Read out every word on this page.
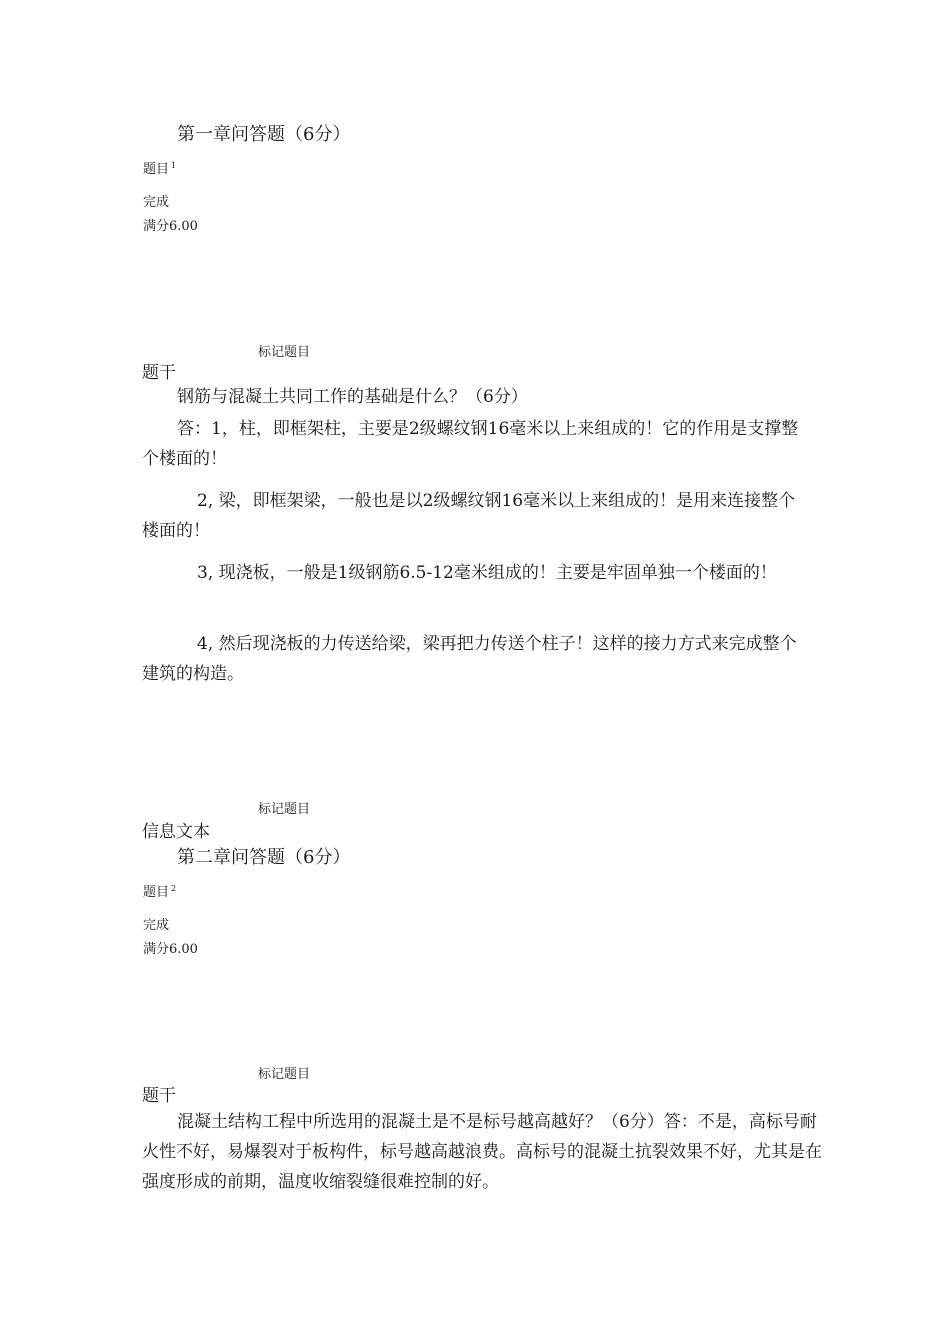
第一章问答题（6分）
题目 $^1$
完成
满分6.00
标记题目
题干
钢筋与混凝土共同工作的基础是什么？（6分）
答：1，柱，即框架柱，主要是2级螺纹钢16毫米以上来组成的！它的作用是支撑整个楼面的！
2, 梁，即框架梁，一般也是以2级螺纹钢16毫米以上来组成的！是用来连接整个楼面的！
3, 现浇板，一般是1级钢筋6.5-12毫米组成的！主要是牢固单独一个楼面的！
4, 然后现浇板的力传送给梁，梁再把力传送个柱子！这样的接力方式来完成整个建筑的构造。
标记题目
信息文本
第二章问答题（6分）
题目 $^2$
完成
满分6.00
标记题目
题干
混凝土结构工程中所选用的混凝土是不是标号越高越好？（6分）答：不是，高标号耐火性不好，易爆裂对于板构件，标号越高越浪费。高标号的混凝土抗裂效果不好，尤其是在强度形成的前期，温度收缩裂缝很难控制的好。
